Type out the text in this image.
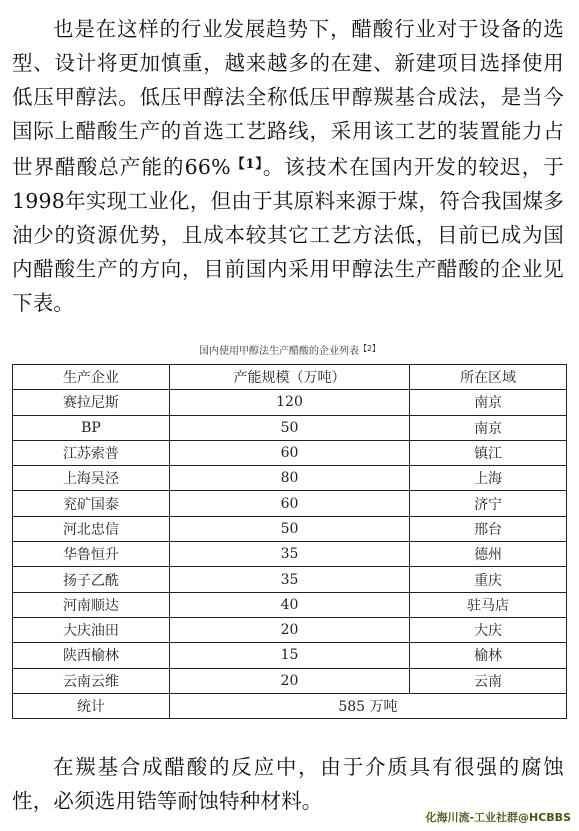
也是在这样的行业发展趋势下，醋酸行业对于设备的选型、设计将更加慎重，越来越多的在建、新建项目选择使用低压甲醇法。低压甲醇法全称低压甲醇羰基合成法，是当今国际上醋酸生产的首选工艺路线，采用该工艺的装置能力占世界醋酸总产能的66%$^{【1】}$。该技术在国内开发的较迟，于1998年实现工业化，但由于其原料来源于煤，符合我国煤多油少的资源优势，且成本较其它工艺方法低，目前已成为国内醋酸生产的方向，目前国内采用甲醇法生产醋酸的企业见下表。
国内使用甲醇法生产醋酸的企业列表$^{【2】}$
生产企业	产能规模（万吨）	所在区域
赛拉尼斯	120	南京
BP	50	南京
江苏索普	60	镇江
上海吴泾	80	上海
兖矿国泰	60	济宁
河北忠信	50	邢台
华鲁恒升	35	德州
扬子乙酰	35	重庆
河南顺达	40	驻马店
大庆油田	20	大庆
陕西榆林	15	榆林
云南云维	20	云南
统计	585 万吨	
在羰基合成醋酸的反应中，由于介质具有很强的腐蚀性，必须选用锆等耐蚀特种材料。
化海川流-工业社群@HCBBS
